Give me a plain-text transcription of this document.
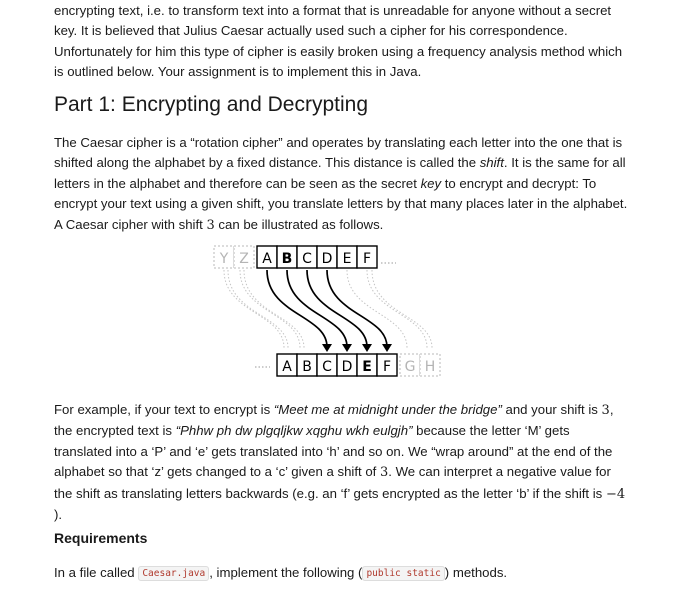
encrypting text, i.e. to transform text into a format that is unreadable for anyone without a secret
key. It is believed that Julius Caesar actually used such a cipher for his correspondence.
Unfortunately for him this type of cipher is easily broken using a frequency analysis method which
is outlined below. Your assignment is to implement this in Java.

Part 1: Encrypting and Decrypting

The Caesar cipher is a “rotation cipher” and operates by translating each letter into the one that is
shifted along the alphabet by a fixed distance. This distance is called the shift. It is the same for all
letters in the alphabet and therefore can be seen as the secret key to encrypt and decrypt: To
encrypt your text using a given shift, you translate letters by that many places later in the alphabet.
A Caesar cipher with shift 3 can be illustrated as follows.

Y Z A B C D E F
A B C D E F G H

For example, if your text to encrypt is “Meet me at midnight under the bridge” and your shift is 3,
the encrypted text is “Phhw ph dw plgqljkw xqghu wkh eulgjh” because the letter ‘M’ gets
translated into a ‘P’ and ‘e’ gets translated into ‘h’ and so on. We “wrap around” at the end of the
alphabet so that ‘z’ gets changed to a ‘c’ given a shift of 3. We can interpret a negative value for
the shift as translating letters backwards (e.g. an ‘f’ gets encrypted as the letter ‘b’ if the shift is −4
).

Requirements

In a file called Caesar.java , implement the following ( public static ) methods.
